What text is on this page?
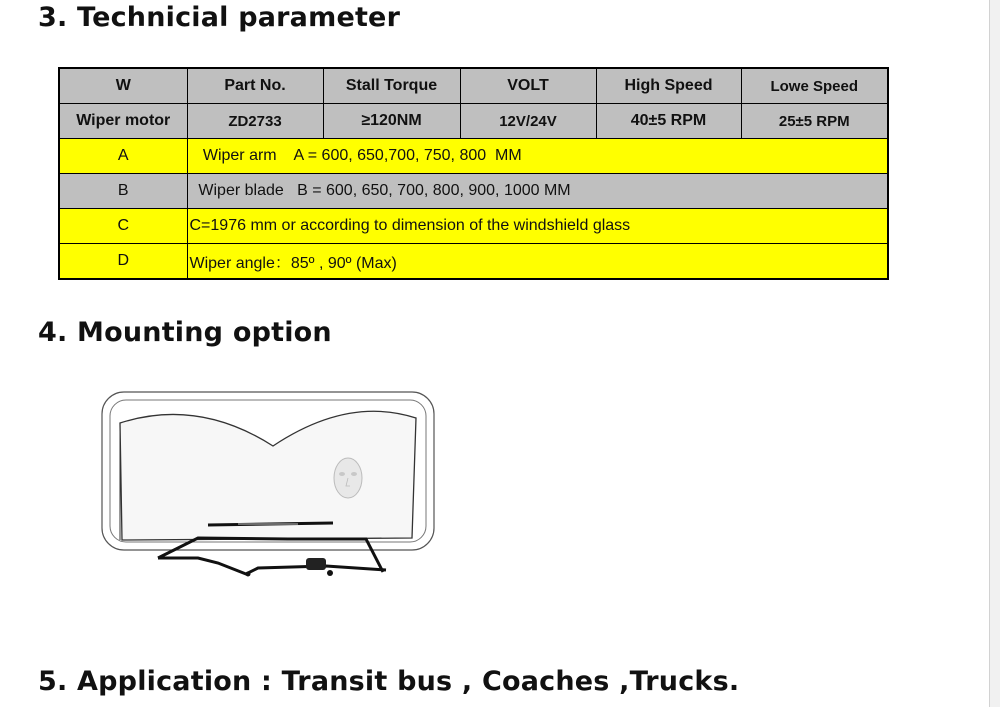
3. Technicial parameter
W	Part No.	Stall Torque	VOLT	High Speed	Lowe Speed
Wiper motor	ZD2733	≥120NM	12V/24V	40±5 RPM	25±5 RPM
A	Wiper arm    A = 600, 650,700, 750, 800  MM				
B	Wiper blade   B = 600, 650, 700, 800, 900, 1000 MM				
C	C=1976 mm or according to dimension of the windshield glass				
D	Wiper angle：85º , 90º (Max)				
4. Mounting option
5. Application : Transit bus , Coaches ,Trucks.
